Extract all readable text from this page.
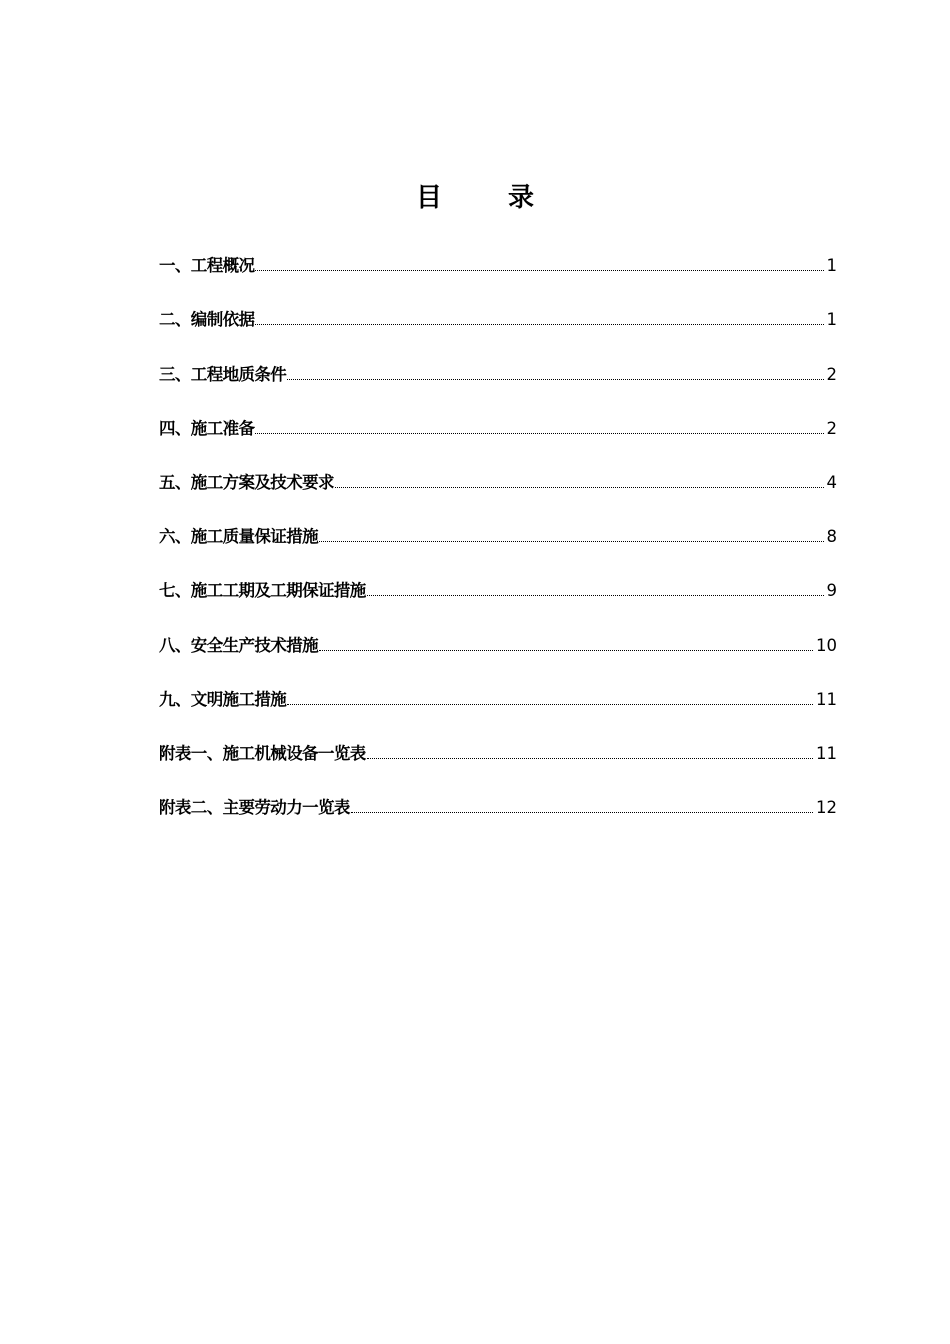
目	录
一、工程概况	1
二、编制依据	1
三、工程地质条件	2
四、施工准备	2
五、施工方案及技术要求	4
六、施工质量保证措施	8
七、施工工期及工期保证措施	9
八、安全生产技术措施	10
九、文明施工措施	11
附表一、施工机械设备一览表	11
附表二、主要劳动力一览表	12
